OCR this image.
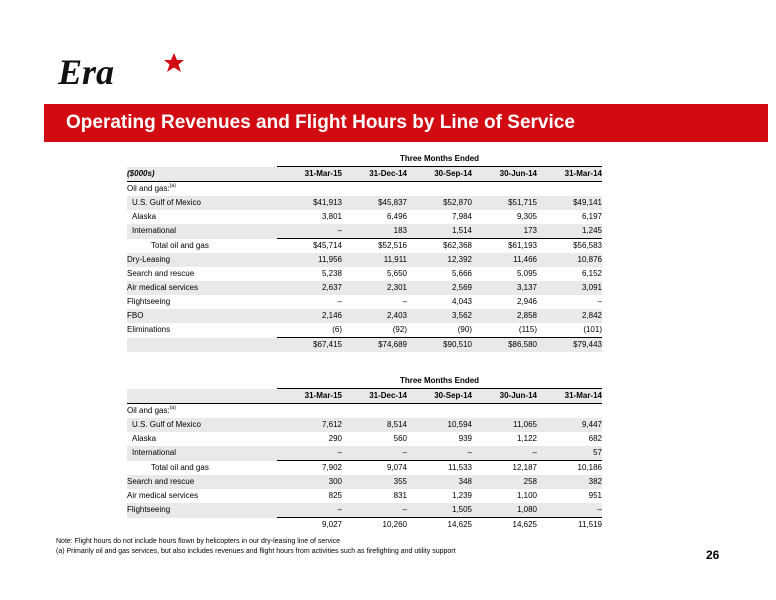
Era
Operating Revenues and Flight Hours by Line of Service
	Three Months Ended				
($000s)	31-Mar-15	31-Dec-14	30-Sep-14	30-Jun-14	31-Mar-14
Oil and gas:$^{(a)}$					
U.S. Gulf of Mexico	$41,913	$45,837	$52,870	$51,715	$49,141
Alaska	3,801	6,496	7,984	9,305	6,197
International	–	183	1,514	173	1,245
Total oil and gas	$45,714	$52,516	$62,368	$61,193	$56,583
Dry-Leasing	11,956	11,911	12,392	11,466	10,876
Search and rescue	5,238	5,650	5,666	5,095	6,152
Air medical services	2,637	2,301	2,569	3,137	3,091
Flightseeing	–	–	4,043	2,946	–
FBO	2,146	2,403	3,562	2,858	2,842
Eliminations	(6)	(92)	(90)	(115)	(101)
	$67,415	$74,689	$90,510	$86,580	$79,443
	Three Months Ended				
	31-Mar-15	31-Dec-14	30-Sep-14	30-Jun-14	31-Mar-14
Oil and gas:$^{(a)}$					
U.S. Gulf of Mexico	7,612	8,514	10,594	11,065	9,447
Alaska	290	560	939	1,122	682
International	–	–	–	–	57
Total oil and gas	7,902	9,074	11,533	12,187	10,186
Search and rescue	300	355	348	258	382
Air medical services	825	831	1,239	1,100	951
Flightseeing	–	–	1,505	1,080	–
	9,027	10,260	14,625	14,625	11,519
Note: Flight hours do not include hours flown by helicopters in our dry-leasing line of service
(a) Primarily oil and gas services, but also includes revenues and flight hours from activities such as firefighting and utility support	26
